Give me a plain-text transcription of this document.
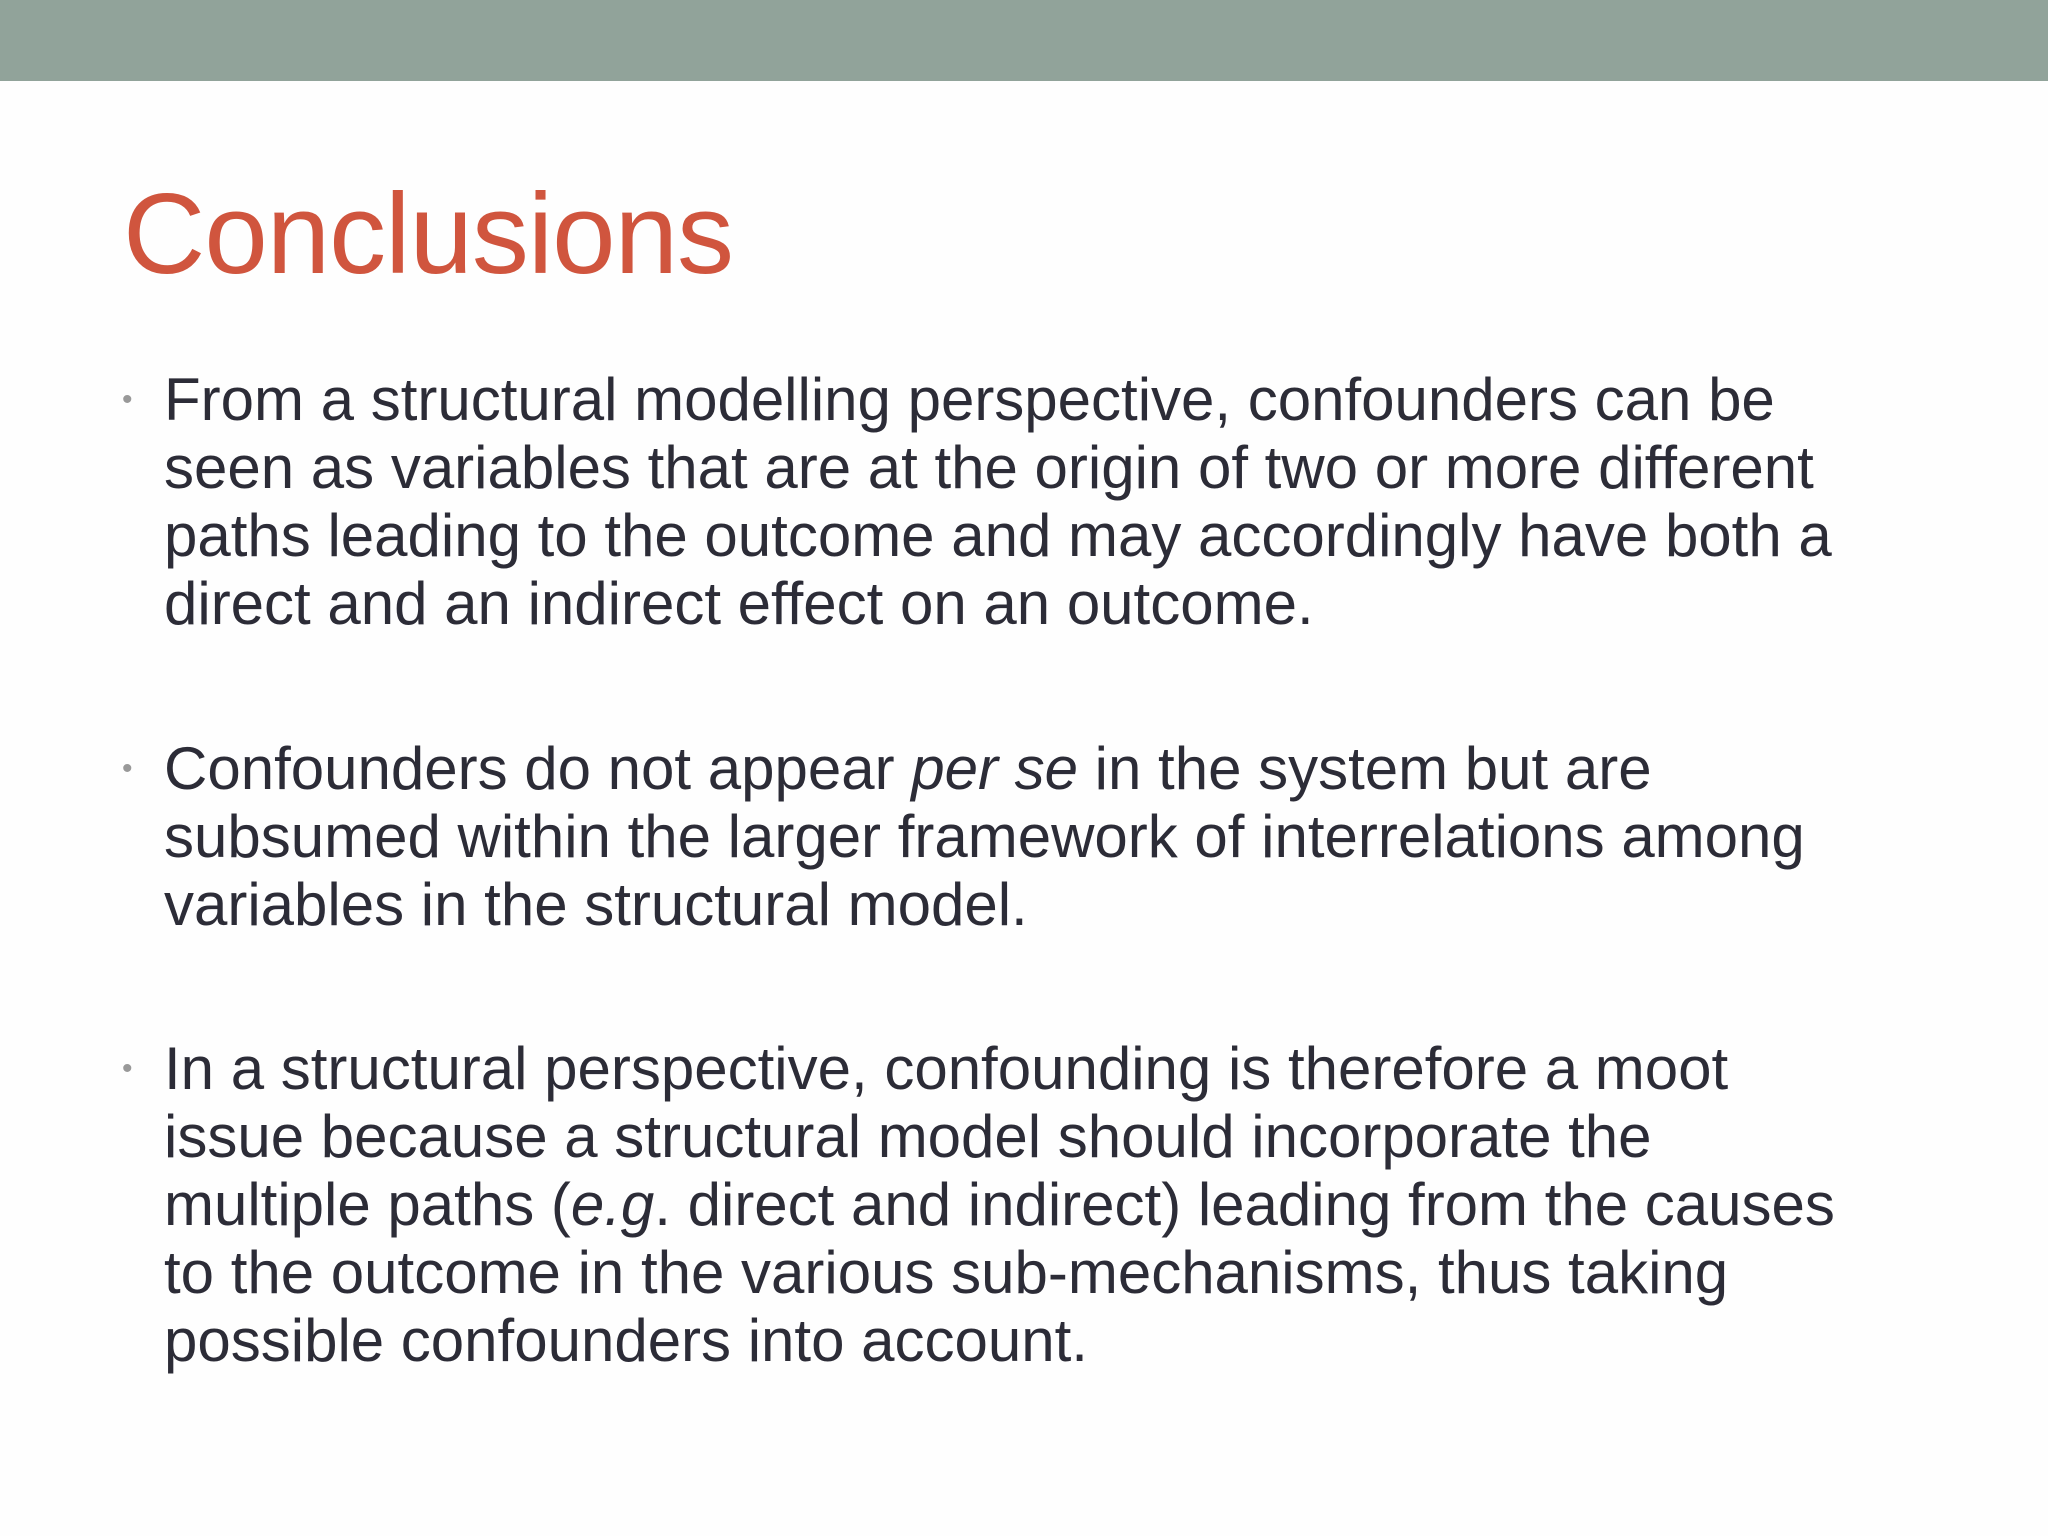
Conclusions
• From a structural modelling perspective, confounders can be
seen as variables that are at the origin of two or more different
paths leading to the outcome and may accordingly have both a
direct and an indirect effect on an outcome.
• Confounders do not appear per se in the system but are
subsumed within the larger framework of interrelations among
variables in the structural model.
• In a structural perspective, confounding is therefore a moot
issue because a structural model should incorporate the
multiple paths (e.g. direct and indirect) leading from the causes
to the outcome in the various sub-mechanisms, thus taking
possible confounders into account.
